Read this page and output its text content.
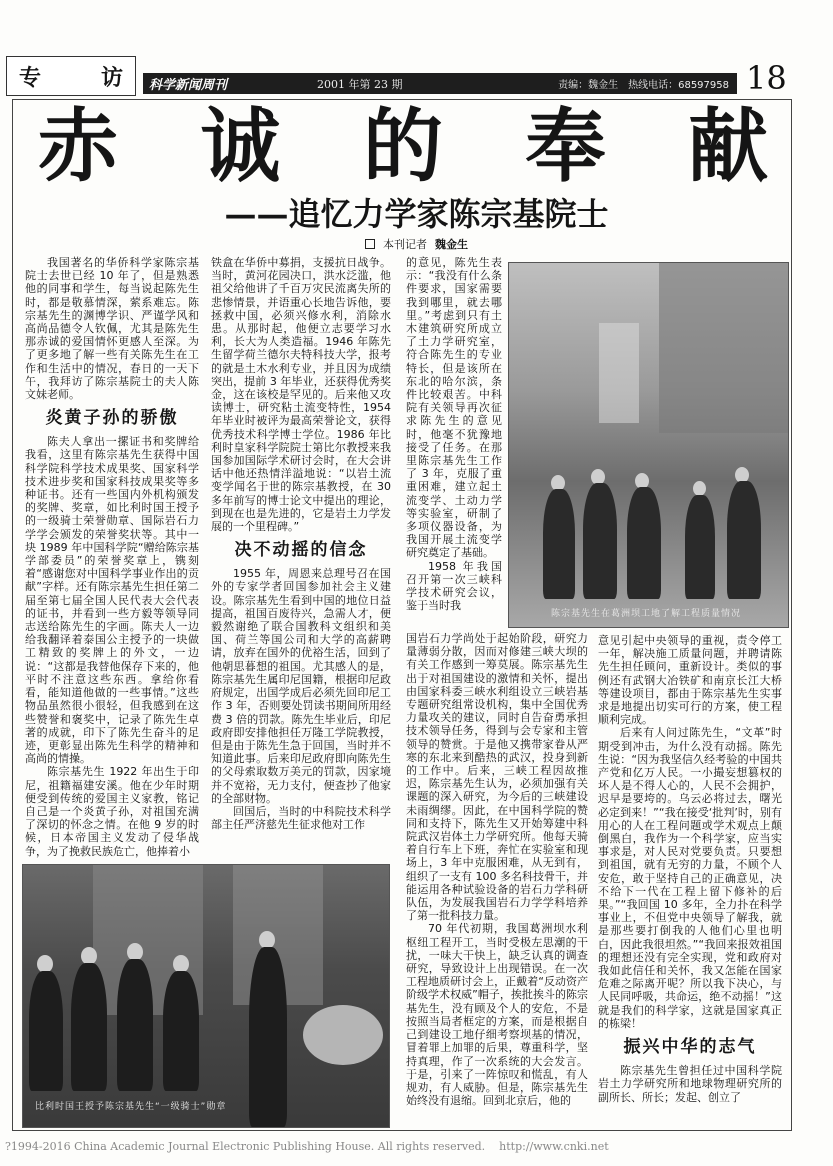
专	访 科学新闻周刊	2001 年第 23 期	责编：魏金生　热线电话：68597958 18
赤 诚 的 奉 献
——追忆力学家陈宗基院士
本刊记者 魏金生

我国著名的华侨科学家陈宗基院士去世已经 10 年了，但是熟悉他的同事和学生，每当说起陈先生时，都是敬慕情深，萦系难忘。陈宗基先生的渊博学识、严谨学风和高尚品德令人钦佩，尤其是陈先生那赤诚的爱国情怀更感人至深。为了更多地了解一些有关陈先生在工作和生活中的情况，春日的一天下午，我拜访了陈宗基院士的夫人陈文妹老师。

炎黄子孙的骄傲

陈夫人拿出一摞证书和奖牌给我看，这里有陈宗基先生获得中国科学院科学技术成果奖、国家科学技术进步奖和国家科技成果奖等多种证书。还有一些国内外机构颁发的奖牌、奖章，如比利时国王授予的一级骑士荣誉勋章、国际岩石力学学会颁发的荣誉奖状等。其中一块 1989 年中国科学院“赠给陈宗基学部委员”的荣誉奖章上，镌刻着“感谢您对中国科学事业作出的贡献”字样。还有陈宗基先生担任第二届至第七届全国人民代表大会代表的证书，并看到一些方毅等领导同志送给陈先生的字画。陈夫人一边给我翻译着泰国公主授予的一块做工精致的奖牌上的外文，一边说：“这都是我替他保存下来的，他平时不注意这些东西。拿给你看看，能知道他做的一些事情。”这些物品虽然很小很轻，但我感到在这些赞誉和褒奖中，记录了陈先生卓著的成就，印下了陈先生奋斗的足迹，更彰显出陈先生科学的精神和高尚的情操。

陈宗基先生 1922 年出生于印尼，祖籍福建安溪。他在少年时期便受到传统的爱国主义家教，铭记自己是一个炎黄子孙，对祖国充满了深切的怀念之情。在他 9 岁的时候，日本帝国主义发动了侵华战争，为了挽救民族危亡，他捧着小

铁盒在华侨中募捐，支援抗日战争。当时，黄河花园决口，洪水泛滥，他祖父给他讲了千百万灾民流离失所的悲惨情景，并语重心长地告诉他，要拯救中国，必须兴修水利，消除水患。从那时起，他便立志要学习水利，长大为人类造福。1946 年陈先生留学荷兰德尔夫特科技大学，报考的就是土木水利专业，并且因为成绩突出，提前 3 年毕业，还获得优秀奖金，这在该校是罕见的。后来他又攻读博士，研究粘土流变特性，1954 年毕业时被评为最高荣誉论文，获得优秀技术科学博士学位。1986 年比利时皇家科学院院士第比尔教授来我国参加国际学术研讨会时，在大会讲话中他还热情洋溢地说：“以岩土流变学闻名于世的陈宗基教授，在 30 多年前写的博士论文中提出的理论，到现在也是先进的，它是岩土力学发展的一个里程碑。”

决不动摇的信念

1955 年，周恩来总理号召在国外的专家学者回国参加社会主义建设。陈宗基先生看到中国的地位日益提高，祖国百废待兴，急需人才，便毅然谢绝了联合国教科文组织和美国、荷兰等国公司和大学的高薪聘请，放弃在国外的优裕生活，回到了他朝思暮想的祖国。尤其感人的是，陈宗基先生属印尼国籍，根据印尼政府规定，出国学成后必须先回印尼工作 3 年，否则要处罚读书期间所用经费 3 倍的罚款。陈先生毕业后，印尼政府即安排他担任万隆工学院教授，但是由于陈先生急于回国，当时并不知道此事。后来印尼政府即向陈先生的父母索取数万美元的罚款，因家境并不宽裕，无力支付，便查抄了他家的全部财物。

回国后，当时的中科院技术科学部主任严济慈先生征求他对工作

的意见，陈先生表示：“我没有什么条件要求，国家需要我到哪里，就去哪里。”考虑到只有土木建筑研究所成立了土力学研究室，符合陈先生的专业特长，但是该所在东北的哈尔滨，条件比较艰苦。中科院有关领导再次征求陈先生的意见时，他毫不犹豫地接受了任务。在那里陈宗基先生工作了 3 年，克服了重重困难，建立起土流变学、土动力学等实验室，研制了多项仪器设备，为我国开展土流变学研究奠定了基础。

1958 年我国召开第一次三峡科学技术研究会议，鉴于当时我

国岩石力学尚处于起始阶段，研究力量薄弱分散，因而对修建三峡大坝的有关工作感到一筹莫展。陈宗基先生出于对祖国建设的激情和关怀，提出由国家科委三峡水利组设立三峡岩基专题研究组常设机构，集中全国优秀力量攻关的建议，同时自告奋勇承担技术领导任务，得到与会专家和主管领导的赞赏。于是他又携带家眷从严寒的东北来到酷热的武汉，投身到新的工作中。后来，三峡工程因故推迟，陈宗基先生认为，必须加强有关课题的深入研究，为今后的三峡建设未雨绸缪。因此，在中国科学院的赞同和支持下，陈先生又开始筹建中科院武汉岩体土力学研究所。他每天骑着自行车上下班，奔忙在实验室和现场上，3 年中克服困难，从无到有，组织了一支有 100 多名科技骨干，并能运用各种试验设备的岩石力学科研队伍，为发展我国岩石力学学科培养了第一批科技力量。

70 年代初期，我国葛洲坝水利枢纽工程开工，当时受极左思潮的干扰，一味大干快上，缺乏认真的调查研究，导致设计上出现错误。在一次工程地质研讨会上，正戴着“反动资产阶级学术权威”帽子，挨批挨斗的陈宗基先生，没有顾及个人的安危，不是按照当局者框定的方案，而是根据自己到建设工地仔细考察坝基的情况，冒着罪上加罪的后果，尊重科学，坚持真理，作了一次系统的大会发言。于是，引来了一阵惊叹和慌乱，有人规劝，有人威胁。但是，陈宗基先生始终没有退缩。回到北京后，他的

意见引起中央领导的重视，责令停工一年，解决施工质量问题，并聘请陈先生担任顾问，重新设计。类似的事例还有武钢大冶铁矿和南京长江大桥等建设项目，都由于陈宗基先生实事求是地提出切实可行的方案，使工程顺利完成。

后来有人问过陈先生，“文革”时期受到冲击，为什么没有动摇。陈先生说：“因为我坚信久经考验的中国共产党和亿万人民。一小撮妄想篡权的坏人是不得人心的，人民不会拥护，迟早是要垮的。乌云必将过去，曙光必定到来！”“我在接受‘批判’时，别有用心的人在工程问题或学术观点上颠倒黑白，我作为一个科学家，应当实事求是，对人民对党要负责。只要想到祖国，就有无穷的力量，不顾个人安危，敢于坚持自己的正确意见，决不给下一代在工程上留下修补的后果。”“我回国 10 多年，全力扑在科学事业上，不但党中央领导了解我，就是那些要打倒我的人他们心里也明白，因此我很坦然。”“我回来报效祖国的理想还没有完全实现，党和政府对我如此信任和关怀，我又怎能在国家危难之际离开呢？所以我下决心，与人民同呼吸，共命运，绝不动摇！”这就是我们的科学家，这就是国家真正的栋梁！

振兴中华的志气

陈宗基先生曾担任过中国科学院岩土力学研究所和地球物理研究所的副所长、所长；发起、创立了

陈宗基先生在葛洲坝工地了解工程质量情况
比利时国王授予陈宗基先生“一级骑士”勋章
?1994-2016 China Academic Journal Electronic Publishing House. All rights reserved. http://www.cnki.net
